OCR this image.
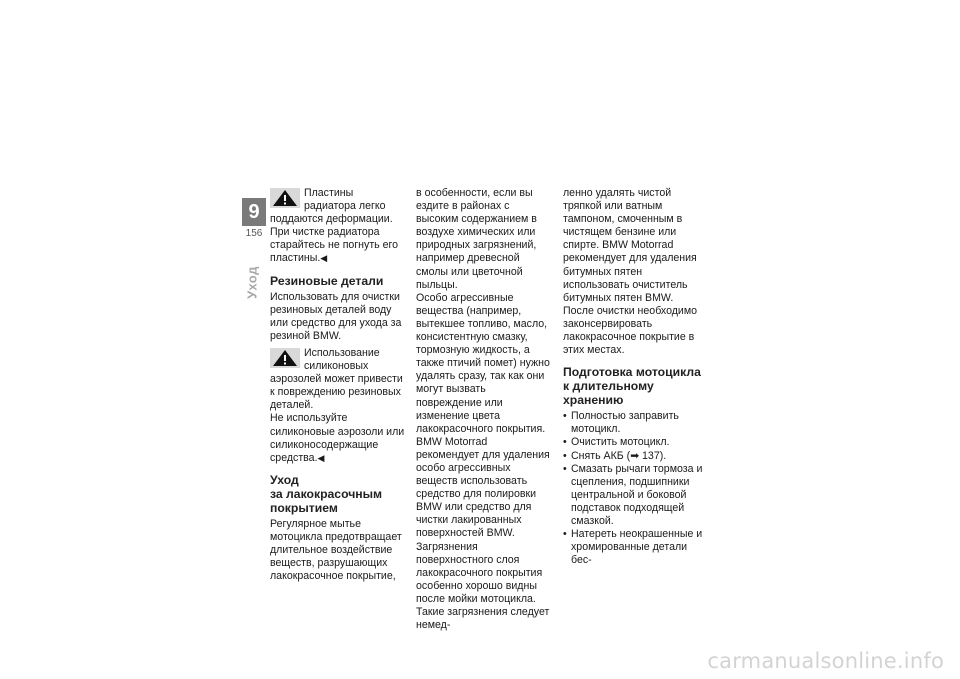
9
156
Уход

Пластины радиатора легко поддаются деформации.

При чистке радиатора старайтесь не погнуть его пластины.◀

Резиновые детали

Использовать для очистки резиновых деталей воду или средство для ухода за резиной BMW.

Использование силиконовых аэрозолей может привести к повреждению резиновых деталей.

Не используйте силиконовые аэрозоли или силиконосодержащие средства.◀

Уход
за лакокрасочным
покрытием

Регулярное мытье мотоцикла предотвращает длительное воздействие веществ, разрушающих лакокрасочное покрытие,

в особенности, если вы ездите в районах с высоким содержанием в воздухе химических или природных загрязнений, например древесной смолы или цветочной пыльцы.

Особо агрессивные вещества (например, вытекшее топливо, масло, консистентную смазку, тормозную жидкость, а также птичий помет) нужно удалять сразу, так как они могут вызвать повреждение или изменение цвета лакокрасочного покрытия. BMW Motorrad рекомендует для удаления особо агрессивных веществ использовать средство для полировки BMW или средство для чистки лакированных поверхностей BMW.

Загрязнения поверхностного слоя лакокрасочного покрытия особенно хорошо видны после мойки мотоцикла. Такие загрязнения следует немед-

ленно удалять чистой тряпкой или ватным тампоном, смоченным в чистящем бензине или спирте. BMW Motorrad рекомендует для удаления битумных пятен использовать очиститель битумных пятен BMW. После очистки необходимо законсервировать лакокрасочное покрытие в этих местах.

Подготовка мотоцикла
к длительному
хранению
• Полностью заправить мотоцикл.
• Очистить мотоцикл.
• Снять АКБ (➡ 137).
• Смазать рычаги тормоза и сцепления, подшипники центральной и боковой подставок подходящей смазкой.
• Натереть неокрашенные и хромированные детали бес-
carmanualsonline.info
